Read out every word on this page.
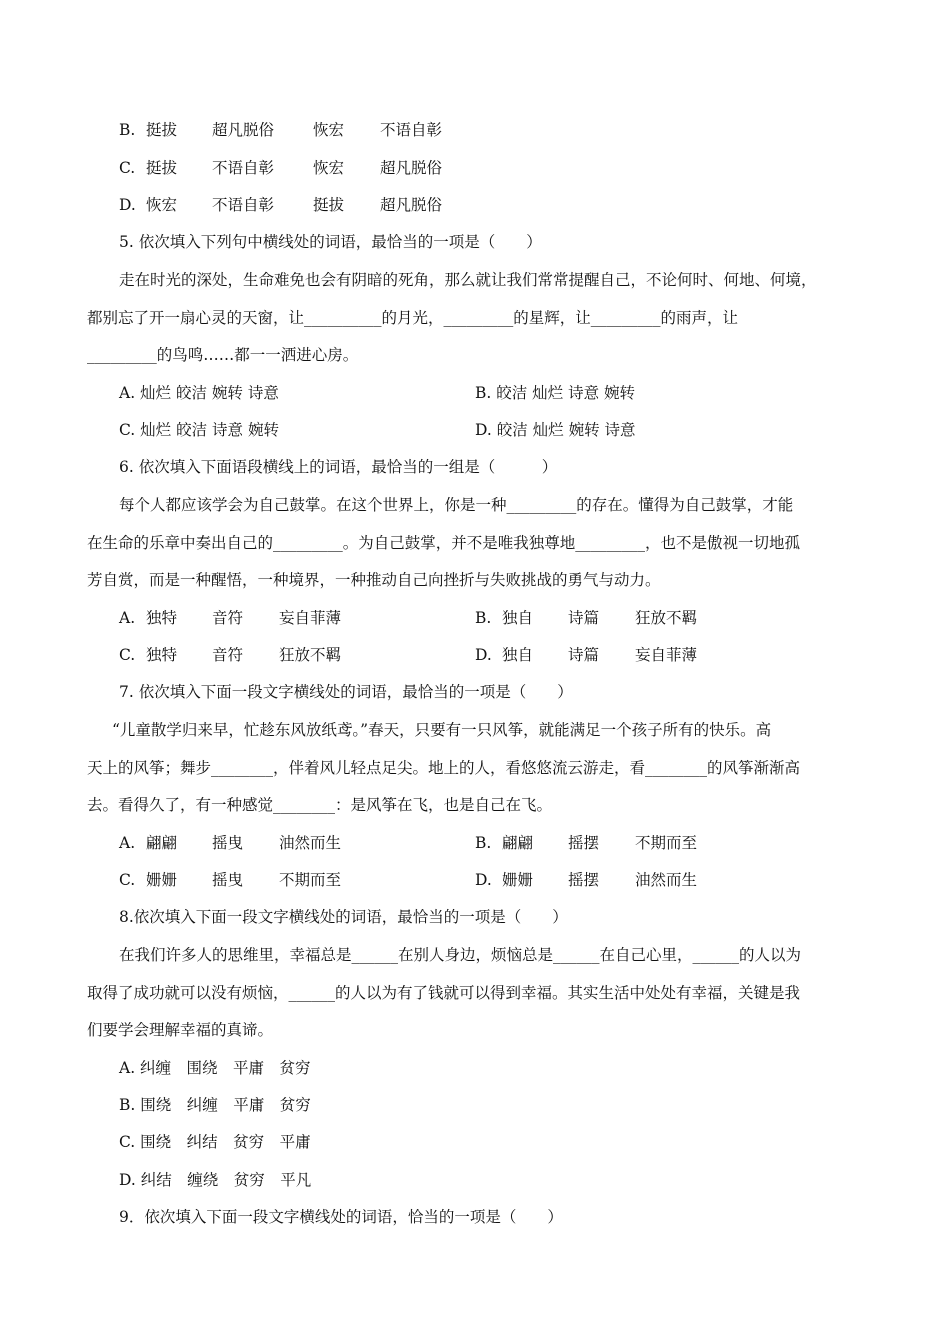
B. 挺拔 超凡脱俗	恢宏 不语自彰
C. 挺拔 不语自彰	恢宏 超凡脱俗
D. 恢宏 不语自彰	挺拔 超凡脱俗
5. 依次填入下列句中横线处的词语，最恰当的一项是（　　）
走在时光的深处，生命难免也会有阴暗的死角，那么就让我们常常提醒自己，不论何时、何地、何境，
都别忘了开一扇心灵的天窗，让__________的月光，_________的星辉，让_________的雨声，让
_________的鸟鸣……都一一洒进心房。
A. 灿烂 皎洁 婉转 诗意	B. 皎洁 灿烂 诗意 婉转
C. 灿烂 皎洁 诗意 婉转	D. 皎洁 灿烂 婉转 诗意
6. 依次填入下面语段横线上的词语，最恰当的一组是（　　　）
每个人都应该学会为自己鼓掌。在这个世界上，你是一种_________的存在。懂得为自己鼓掌，才能
在生命的乐章中奏出自己的_________。为自己鼓掌，并不是唯我独尊地_________，也不是傲视一切地孤
芳自赏，而是一种醒悟，一种境界，一种推动自己向挫折与失败挑战的勇气与动力。
A. 独特 音符 妄自菲薄	B. 独自 诗篇 狂放不羁
C. 独特 音符 狂放不羁	D. 独自 诗篇 妄自菲薄
7. 依次填入下面一段文字横线处的词语，最恰当的一项是（　　）
“儿童散学归来早，忙趁东风放纸鸢。”春天，只要有一只风筝，就能满足一个孩子所有的快乐。高
天上的风筝；舞步________，伴着风儿轻点足尖。地上的人，看悠悠流云游走，看________的风筝渐渐高
去。看得久了，有一种感觉________：是风筝在飞，也是自己在飞。
A. 翩翩 摇曳 油然而生	B. 翩翩 摇摆 不期而至
C. 姗姗 摇曳 不期而至	D. 姗姗 摇摆 油然而生
8.依次填入下面一段文字横线处的词语，最恰当的一项是（　　）
在我们许多人的思维里，幸福总是______在别人身边，烦恼总是______在自己心里，______的人以为
取得了成功就可以没有烦恼，______的人以为有了钱就可以得到幸福。其实生活中处处有幸福，关键是我
们要学会理解幸福的真谛。
A. 纠缠　围绕　平庸　贫穷
B. 围绕　纠缠　平庸　贫穷
C. 围绕　纠结　贫穷　平庸
D. 纠结　缠绕　贫穷　平凡
9．依次填入下面一段文字横线处的词语，恰当的一项是（　　）
